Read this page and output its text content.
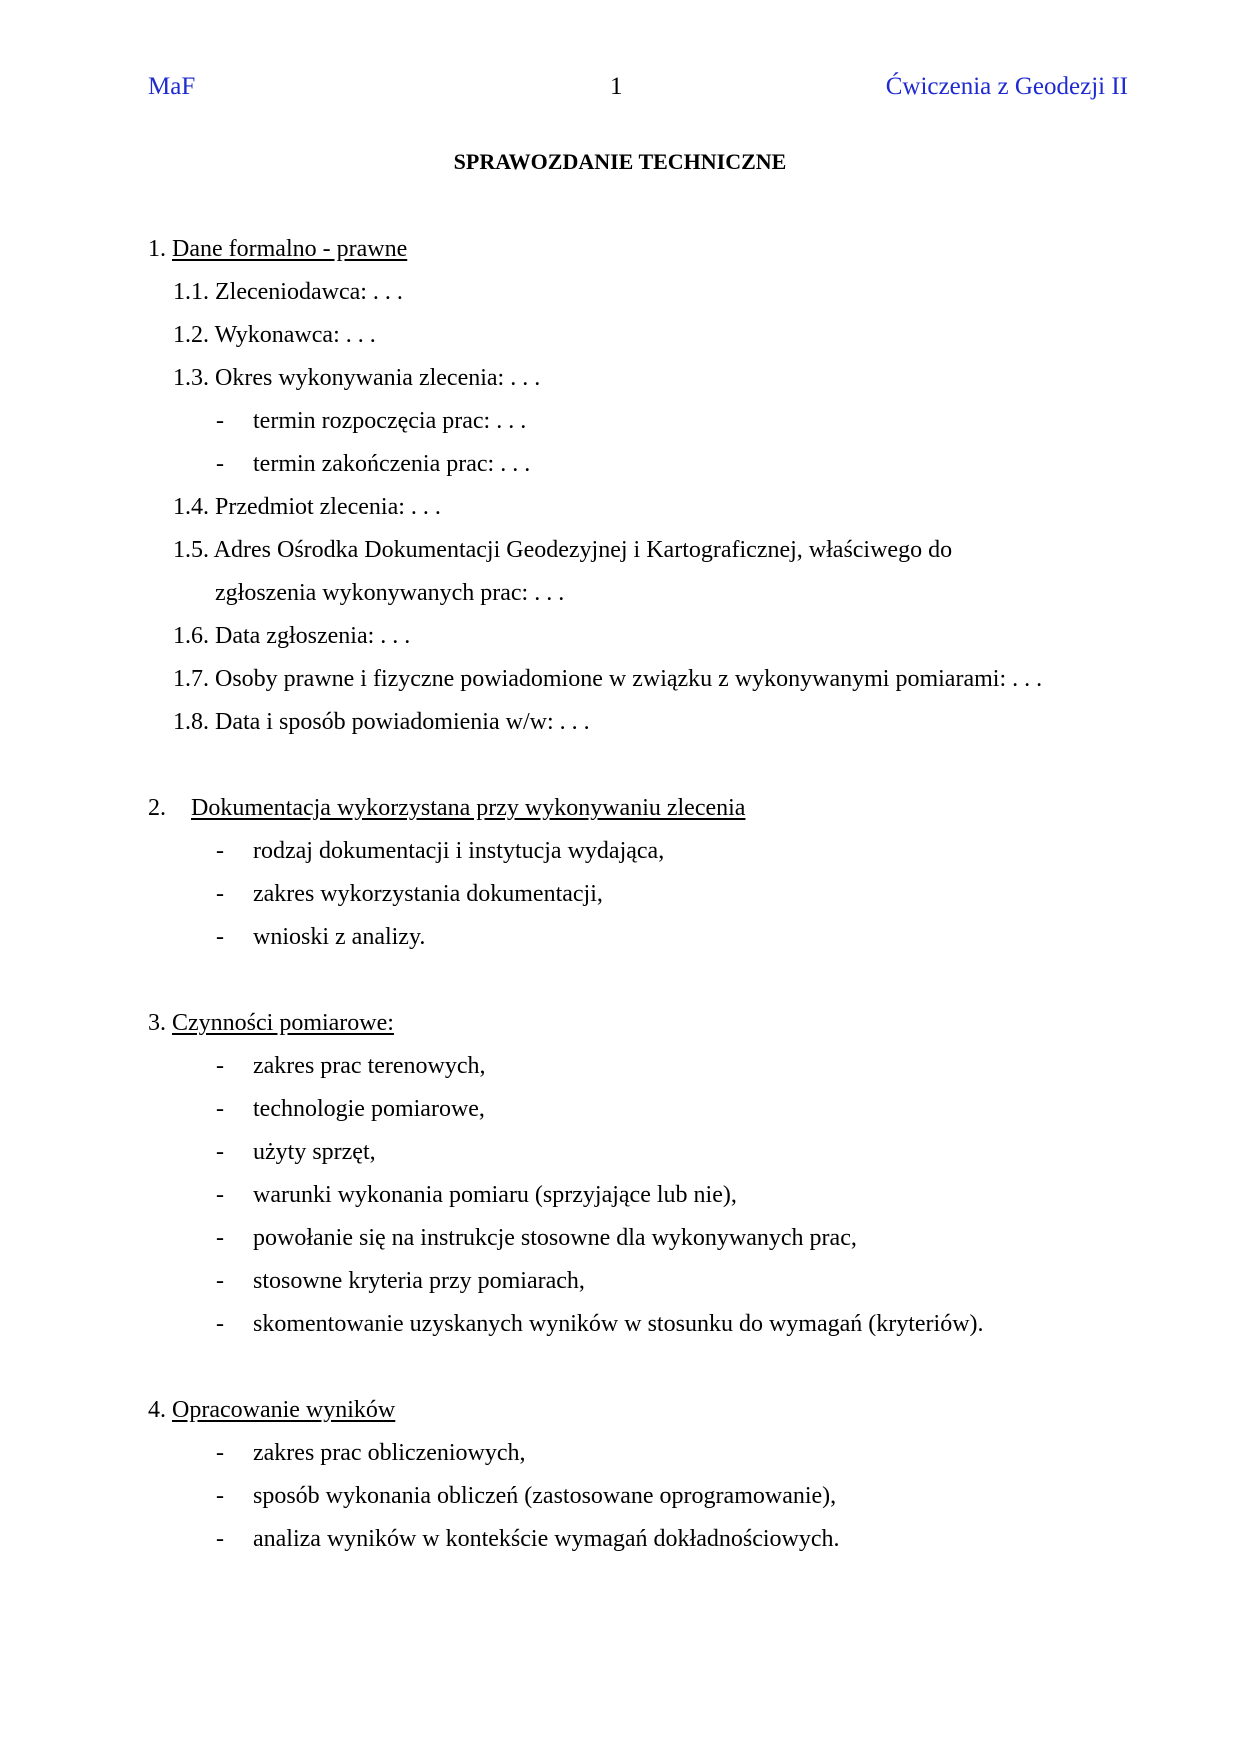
MaF	1	Ćwiczenia z Geodezji II
SPRAWOZDANIE TECHNICZNE
1. Dane formalno - prawne
1.1. Zleceniodawca: . . .
1.2. Wykonawca: . . .
1.3. Okres wykonywania zlecenia: . . .
- termin rozpoczęcia prac: . . .
- termin zakończenia prac: . . .
1.4. Przedmiot zlecenia: . . .
1.5. Adres Ośrodka Dokumentacji Geodezyjnej i Kartograficznej, właściwego do
zgłoszenia wykonywanych prac: . . .
1.6. Data zgłoszenia: . . .
1.7. Osoby prawne i fizyczne powiadomione w związku z wykonywanymi pomiarami: . . .
1.8. Data i sposób powiadomienia w/w: . . .
2. Dokumentacja wykorzystana przy wykonywaniu zlecenia
- rodzaj dokumentacji i instytucja wydająca,
- zakres wykorzystania dokumentacji,
- wnioski z analizy.
3. Czynności pomiarowe:
- zakres prac terenowych,
- technologie pomiarowe,
- użyty sprzęt,
- warunki wykonania pomiaru (sprzyjające lub nie),
- powołanie się na instrukcje stosowne dla wykonywanych prac,
- stosowne kryteria przy pomiarach,
- skomentowanie uzyskanych wyników w stosunku do wymagań (kryteriów).
4. Opracowanie wyników
- zakres prac obliczeniowych,
- sposób wykonania obliczeń (zastosowane oprogramowanie),
- analiza wyników w kontekście wymagań dokładnościowych.
